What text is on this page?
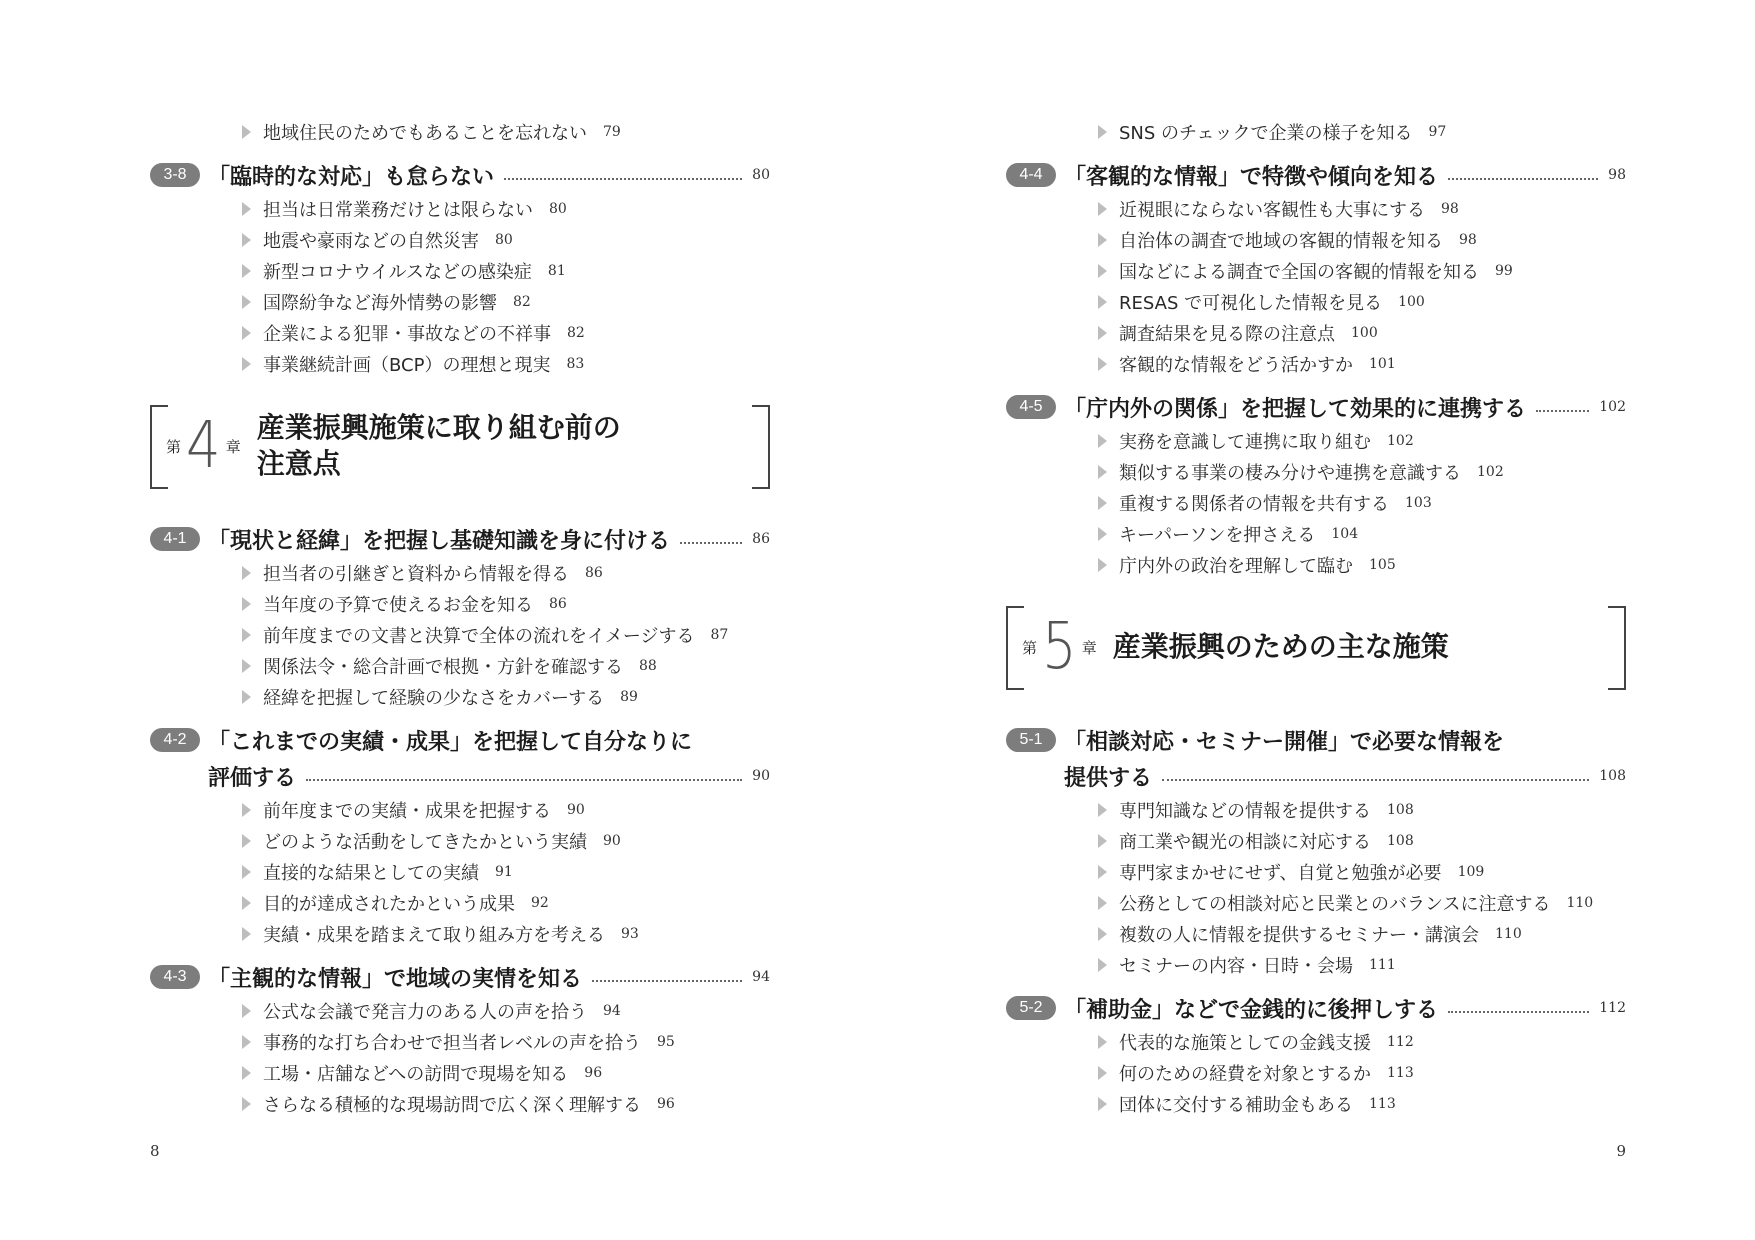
地域住民のためでもあることを忘れない 79
3-8 「臨時的な対応」も怠らない	80
担当は日常業務だけとは限らない 80
地震や豪雨などの自然災害 80
新型コロナウイルスなどの感染症 81
国際紛争など海外情勢の影響 82
企業による犯罪・事故などの不祥事 82
事業継続計画（BCP）の理想と現実 83
第 4 章
産業振興施策に取り組む前の
注意点
4-1 「現状と経緯」を把握し基礎知識を身に付ける	86
担当者の引継ぎと資料から情報を得る 86
当年度の予算で使えるお金を知る 86
前年度までの文書と決算で全体の流れをイメージする 87
関係法令・総合計画で根拠・方針を確認する 88
経緯を把握して経験の少なさをカバーする 89
4-2 「これまでの実績・成果」を把握して自分なりに
評価する	90
前年度までの実績・成果を把握する 90
どのような活動をしてきたかという実績 90
直接的な結果としての実績 91
目的が達成されたかという成果 92
実績・成果を踏まえて取り組み方を考える 93
4-3 「主観的な情報」で地域の実情を知る	94
公式な会議で発言力のある人の声を拾う 94
事務的な打ち合わせで担当者レベルの声を拾う 95
工場・店舗などへの訪問で現場を知る 96
さらなる積極的な現場訪問で広く深く理解する 96
8
SNS のチェックで企業の様子を知る 97
4-4 「客観的な情報」で特徴や傾向を知る	98
近視眼にならない客観性も大事にする 98
自治体の調査で地域の客観的情報を知る 98
国などによる調査で全国の客観的情報を知る 99
RESAS で可視化した情報を見る 100
調査結果を見る際の注意点 100
客観的な情報をどう活かすか 101
4-5 「庁内外の関係」を把握して効果的に連携する	102
実務を意識して連携に取り組む 102
類似する事業の棲み分けや連携を意識する 102
重複する関係者の情報を共有する 103
キーパーソンを押さえる 104
庁内外の政治を理解して臨む 105
第 5 章 産業振興のための主な施策
5-1 「相談対応・セミナー開催」で必要な情報を
提供する	108
専門知識などの情報を提供する 108
商工業や観光の相談に対応する 108
専門家まかせにせず、自覚と勉強が必要 109
公務としての相談対応と民業とのバランスに注意する 110
複数の人に情報を提供するセミナー・講演会 110
セミナーの内容・日時・会場 111
5-2 「補助金」などで金銭的に後押しする	112
代表的な施策としての金銭支援 112
何のための経費を対象とするか 113
団体に交付する補助金もある 113
9
